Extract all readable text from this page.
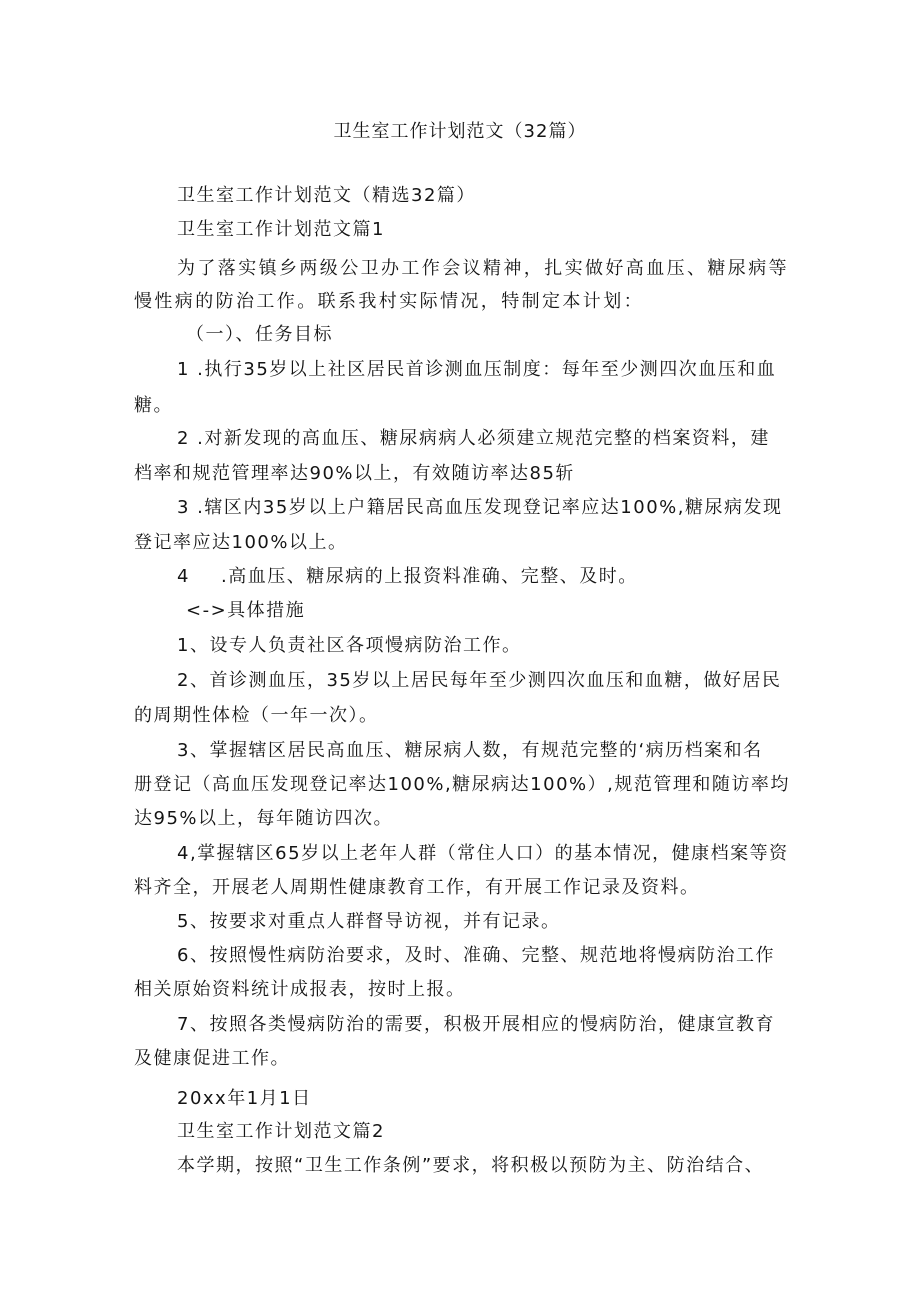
卫生室工作计划范文（32篇）
卫生室工作计划范文（精选32篇）
卫生室工作计划范文篇1
为了落实镇乡两级公卫办工作会议精神，扎实做好高血压、糖尿病等
慢性病的防治工作。联系我村实际情况，特制定本计划：
（一）、任务目标
1 .执行35岁以上社区居民首诊测血压制度：每年至少测四次血压和血
糖。
2 .对新发现的高血压、糖尿病病人必须建立规范完整的档案资料，建
档率和规范管理率达90%以上，有效随访率达85斩
3 .辖区内35岁以上户籍居民高血压发现登记率应达100%,糖尿病发现
登记率应达100%以上。
4 .高血压、糖尿病的上报资料准确、完整、及时。
<->具体措施
1、设专人负责社区各项慢病防治工作。
2、首诊测血压，35岁以上居民每年至少测四次血压和血糖，做好居民
的周期性体检（一年一次）。
3、掌握辖区居民高血压、糖尿病人数，有规范完整的‘病历档案和名
册登记（高血压发现登记率达100%,糖尿病达100%）,规范管理和随访率均
达95%以上，每年随访四次。
4,掌握辖区65岁以上老年人群（常住人口）的基本情况，健康档案等资
料齐全，开展老人周期性健康教育工作，有开展工作记录及资料。
5、按要求对重点人群督导访视，并有记录。
6、按照慢性病防治要求，及时、准确、完整、规范地将慢病防治工作
相关原始资料统计成报表，按时上报。
7、按照各类慢病防治的需要，积极开展相应的慢病防治，健康宣教育
及健康促进工作。
20xx年1月1日
卫生室工作计划范文篇2
本学期，按照“卫生工作条例”要求，将积极以预防为主、防治结合、
